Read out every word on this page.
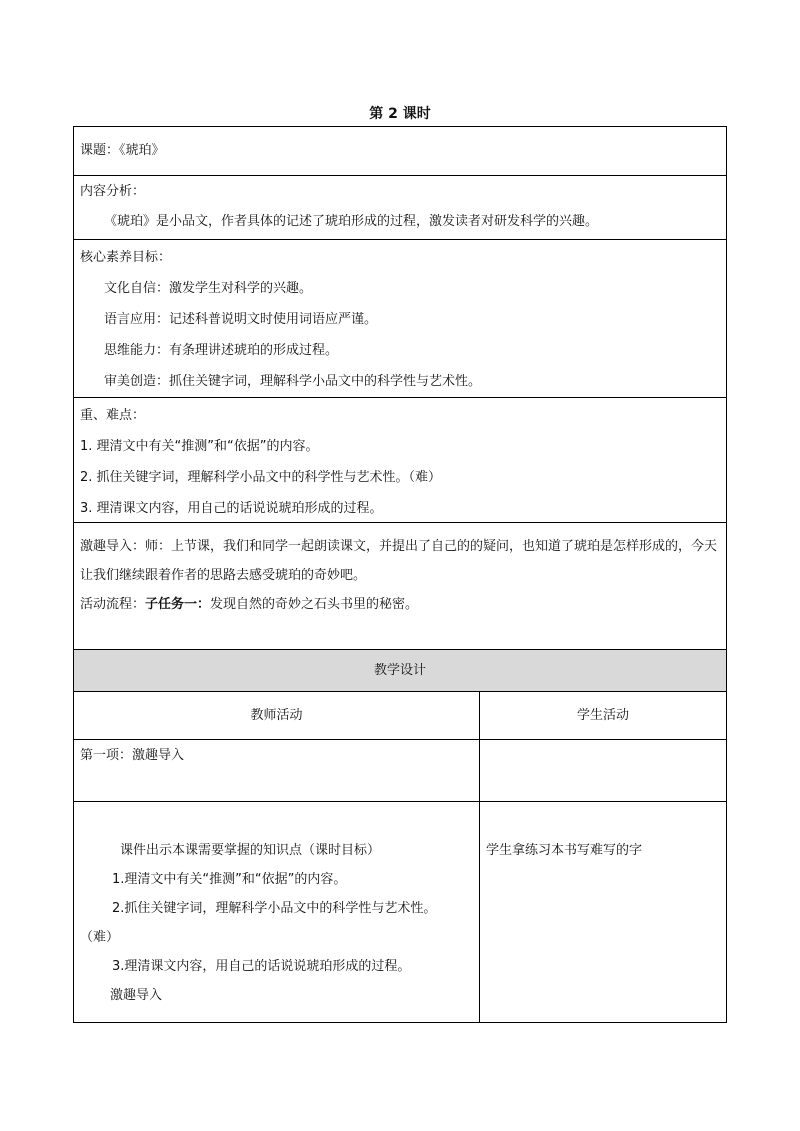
第 2 课时
课题：《琥珀》
内容分析：
《琥珀》是小品文，作者具体的记述了琥珀形成的过程，激发读者对研发科学的兴趣。
核心素养目标：
文化自信：激发学生对科学的兴趣。
语言应用：记述科普说明文时使用词语应严谨。
思维能力：有条理讲述琥珀的形成过程。
审美创造：抓住关键字词，理解科学小品文中的科学性与艺术性。
重、难点：
1. 理清文中有关“推测”和“依据”的内容。
2. 抓住关键字词，理解科学小品文中的科学性与艺术性。（难）
3. 理清课文内容，用自己的话说说琥珀形成的过程。
激趣导入：师：上节课，我们和同学一起朗读课文，并提出了自己的的疑问，也知道了琥珀是怎样形成的，今天让我们继续跟着作者的思路去感受琥珀的奇妙吧。
活动流程：子任务一：发现自然的奇妙之石头书里的秘密。
教学设计
教师活动	学生活动
第一项：激趣导入
课件出示本课需要掌握的知识点（课时目标）
1.理清文中有关“推测”和“依据”的内容。
2.抓住关键字词，理解科学小品文中的科学性与艺术性。
（难）
3.理清课文内容，用自己的话说说琥珀形成的过程。
激趣导入
学生拿练习本书写难写的字
